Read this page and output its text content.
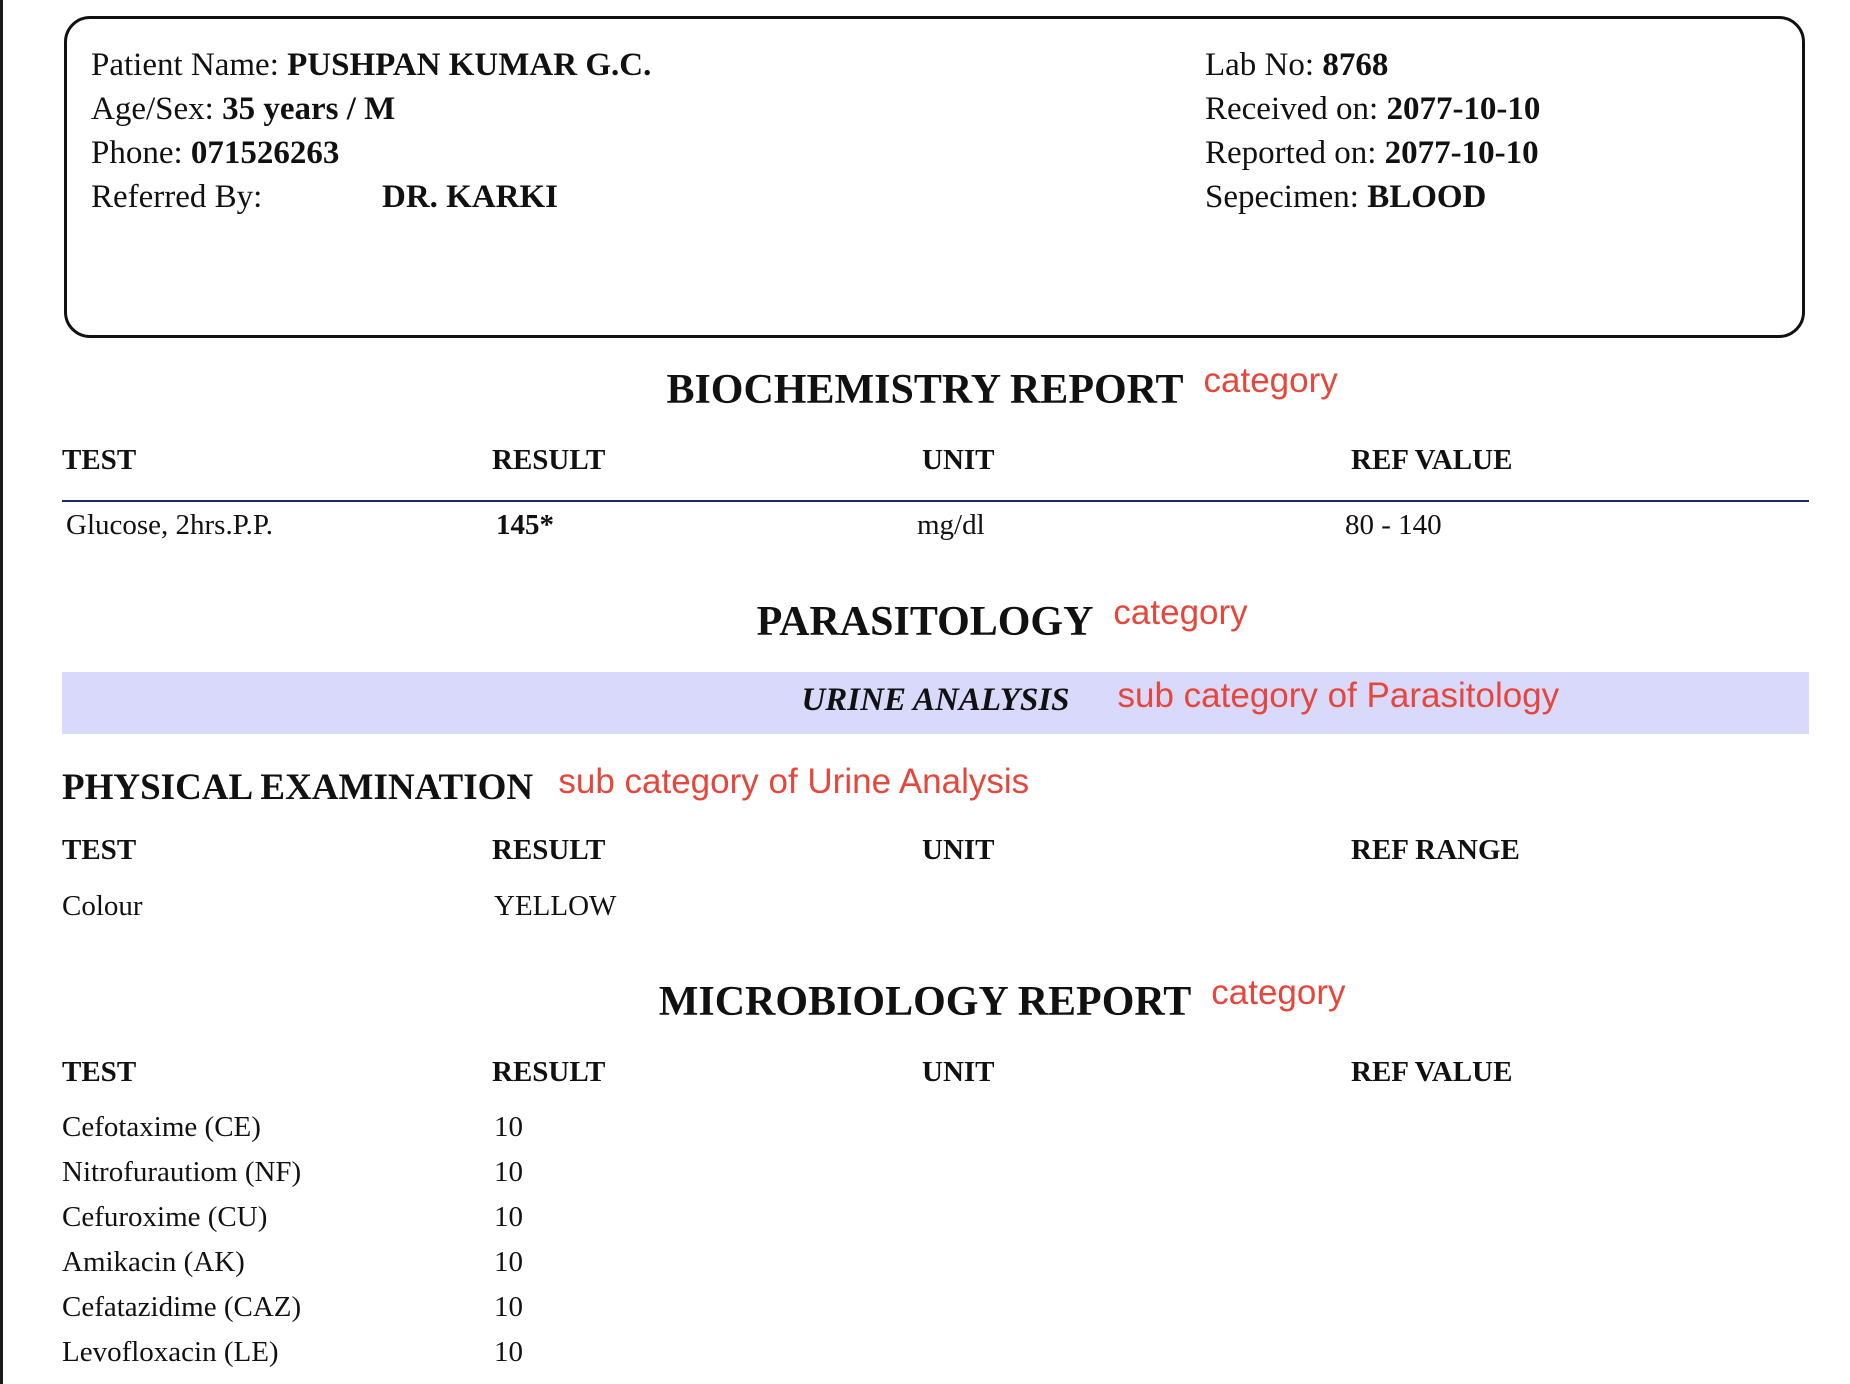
Patient Name: PUSHPAN KUMAR G.C.
Age/Sex: 35 years / M
Phone: 071526263
Referred By:	DR. KARKI
Lab No: 8768
Received on: 2077-10-10
Reported on: 2077-10-10
Sepecimen: BLOOD
BIOCHEMISTRY REPORT category
TEST	RESULT	UNIT	REF VALUE
Glucose, 2hrs.P.P.	145*	mg/dl	80 - 140
PARASITOLOGY category
URINE ANALYSIS sub category of Parasitology
PHYSICAL EXAMINATION sub category of Urine Analysis
TEST	RESULT	UNIT	REF RANGE
Colour	YELLOW
MICROBIOLOGY REPORT category
TEST	RESULT	UNIT	REF VALUE
Cefotaxime (CE)	10
Nitrofurautiom (NF)	10
Cefuroxime (CU)	10
Amikacin (AK)	10
Cefatazidime (CAZ)	10
Levofloxacin (LE)	10
